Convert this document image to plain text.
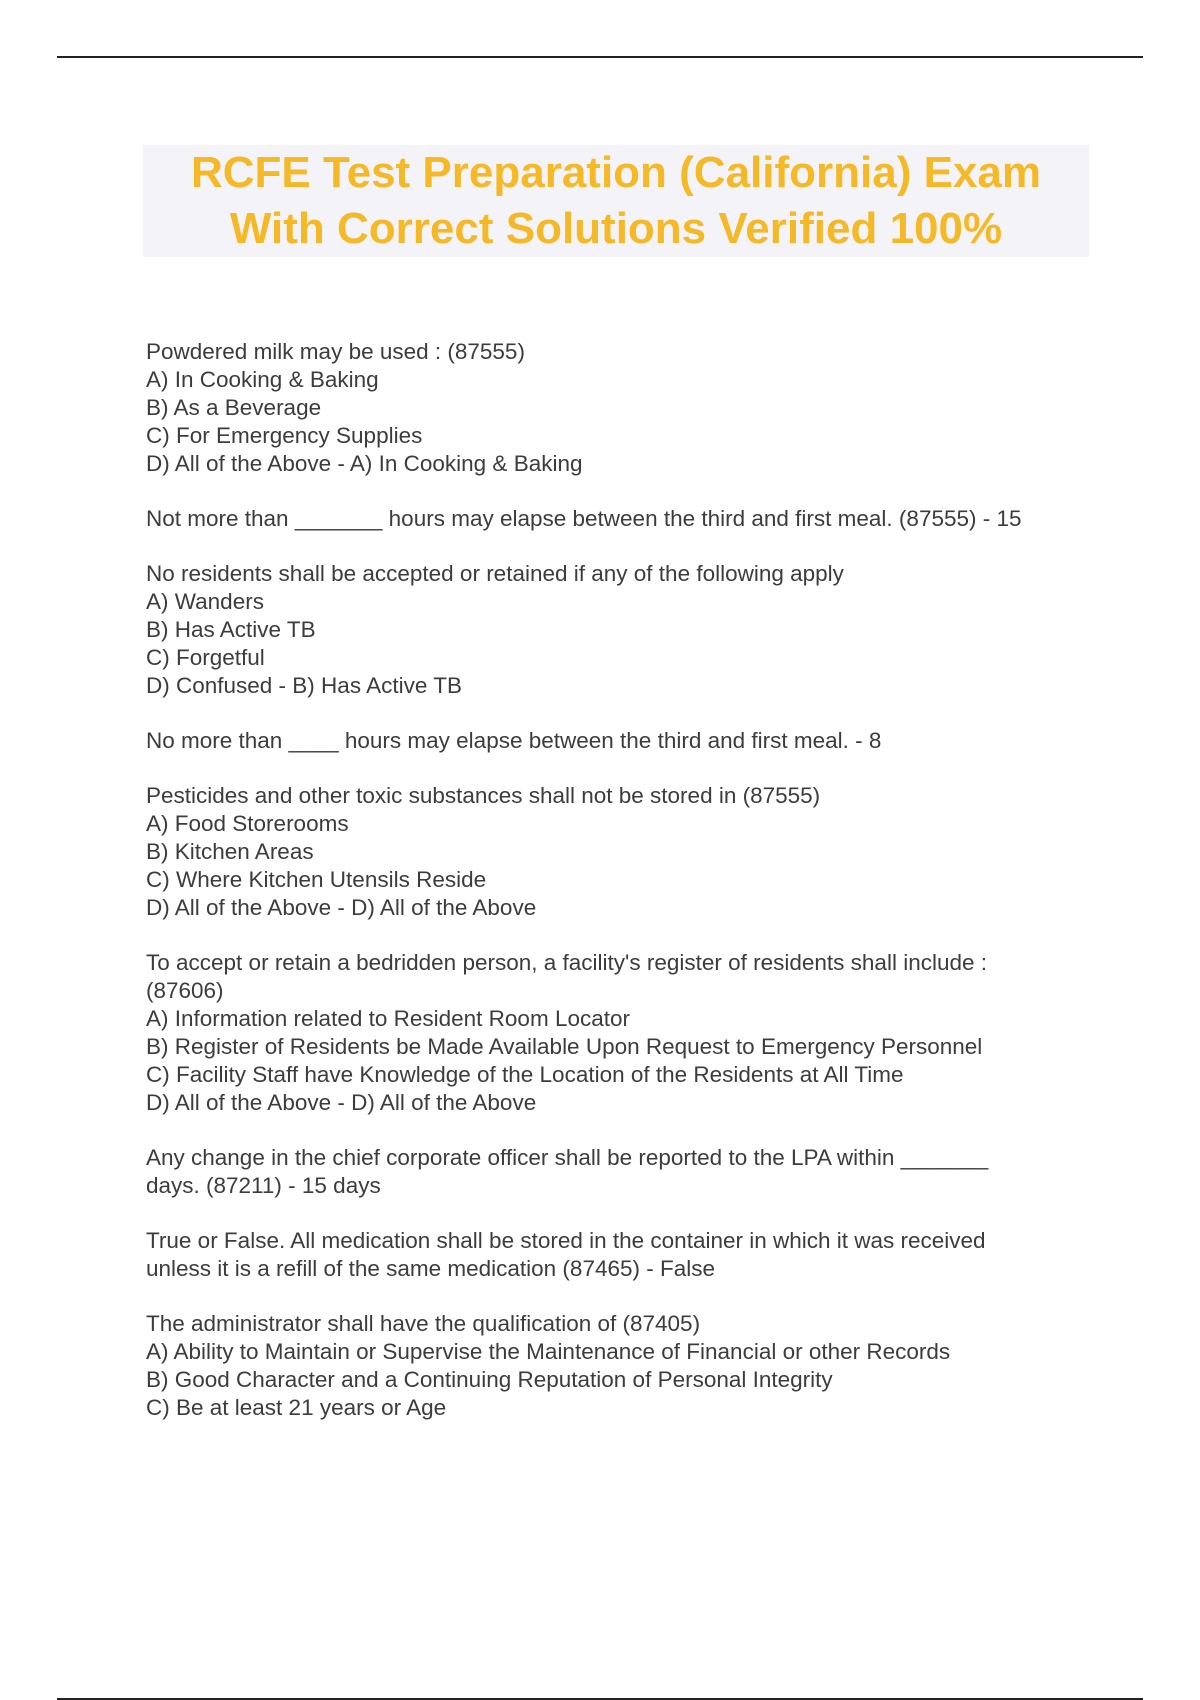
RCFE Test Preparation (California) Exam
With Correct Solutions Verified 100%
Powdered milk may be used : (87555)
A) In Cooking & Baking
B) As a Beverage
C) For Emergency Supplies
D) All of the Above - A) In Cooking & Baking
Not more than _______ hours may elapse between the third and first meal. (87555) - 15
No residents shall be accepted or retained if any of the following apply
A) Wanders
B) Has Active TB
C) Forgetful
D) Confused - B) Has Active TB
No more than ____ hours may elapse between the third and first meal. - 8
Pesticides and other toxic substances shall not be stored in (87555)
A) Food Storerooms
B) Kitchen Areas
C) Where Kitchen Utensils Reside
D) All of the Above - D) All of the Above
To accept or retain a bedridden person, a facility's register of residents shall include :
(87606)
A) Information related to Resident Room Locator
B) Register of Residents be Made Available Upon Request to Emergency Personnel
C) Facility Staff have Knowledge of the Location of the Residents at All Time
D) All of the Above - D) All of the Above
Any change in the chief corporate officer shall be reported to the LPA within _______
days. (87211) - 15 days
True or False. All medication shall be stored in the container in which it was received
unless it is a refill of the same medication (87465) - False
The administrator shall have the qualification of (87405)
A) Ability to Maintain or Supervise the Maintenance of Financial or other Records
B) Good Character and a Continuing Reputation of Personal Integrity
C) Be at least 21 years or Age
